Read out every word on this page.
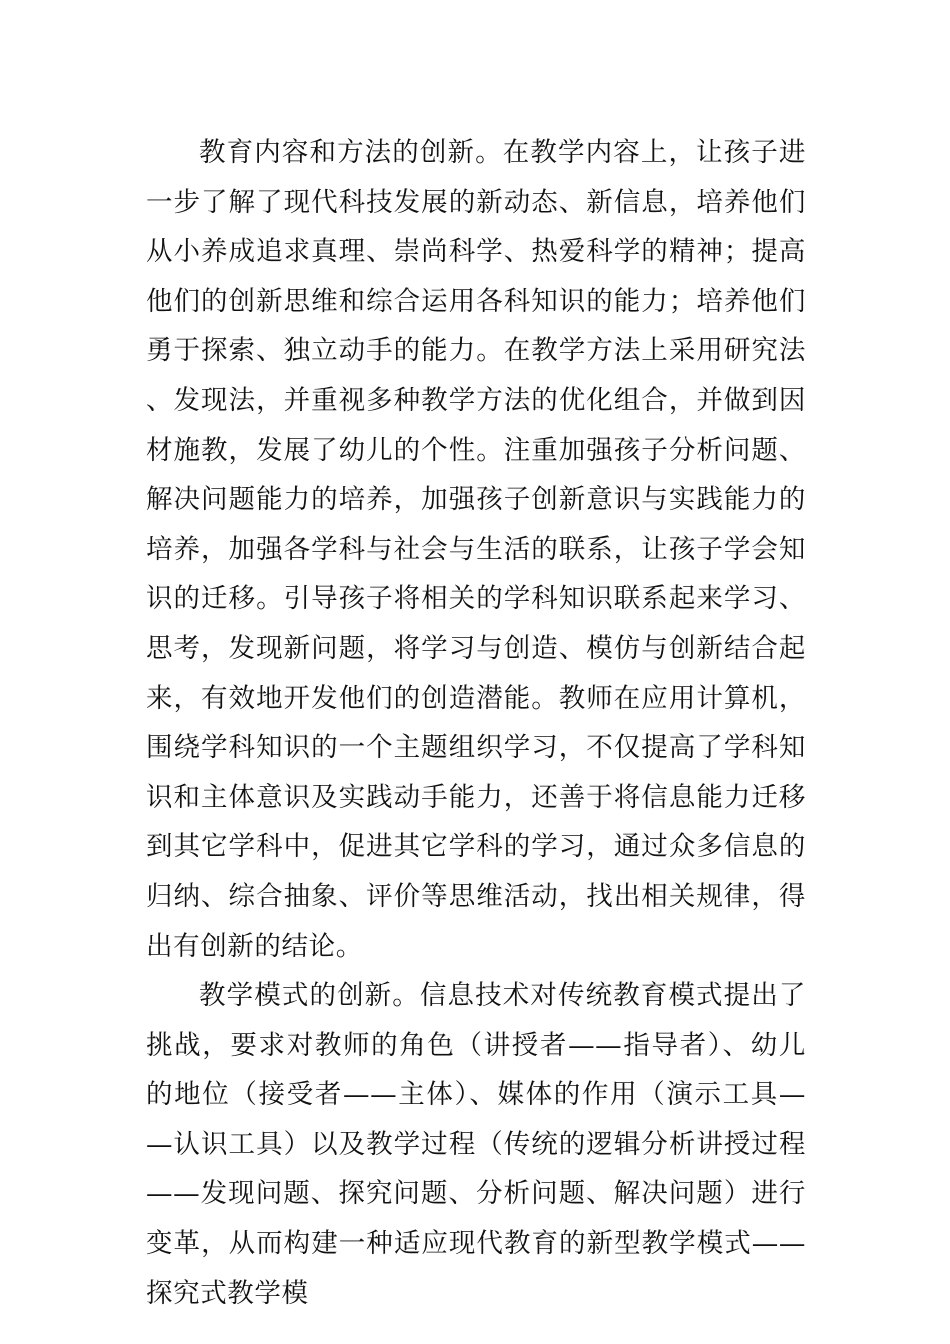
教育内容和方法的创新。在教学内容上，让孩子进一步了解了现代科技发展的新动态、新信息，培养他们从小养成追求真理、崇尚科学、热爱科学的精神；提高他们的创新思维和综合运用各科知识的能力；培养他们勇于探索、独立动手的能力。在教学方法上采用研究法、发现法，并重视多种教学方法的优化组合，并做到因材施教，发展了幼儿的个性。注重加强孩子分析问题、解决问题能力的培养，加强孩子创新意识与实践能力的培养，加强各学科与社会与生活的联系，让孩子学会知识的迁移。引导孩子将相关的学科知识联系起来学习、思考，发现新问题，将学习与创造、模仿与创新结合起来，有效地开发他们的创造潜能。教师在应用计算机，围绕学科知识的一个主题组织学习，不仅提高了学科知识和主体意识及实践动手能力，还善于将信息能力迁移到其它学科中，促进其它学科的学习，通过众多信息的归纳、综合抽象、评价等思维活动，找出相关规律，得出有创新的结论。

教学模式的创新。信息技术对传统教育模式提出了挑战，要求对教师的角色（讲授者——指导者）、幼儿的地位（接受者——主体）、媒体的作用（演示工具——认识工具）以及教学过程（传统的逻辑分析讲授过程——发现问题、探究问题、分析问题、解决问题）进行变革，从而构建一种适应现代教育的新型教学模式——探究式教学模
